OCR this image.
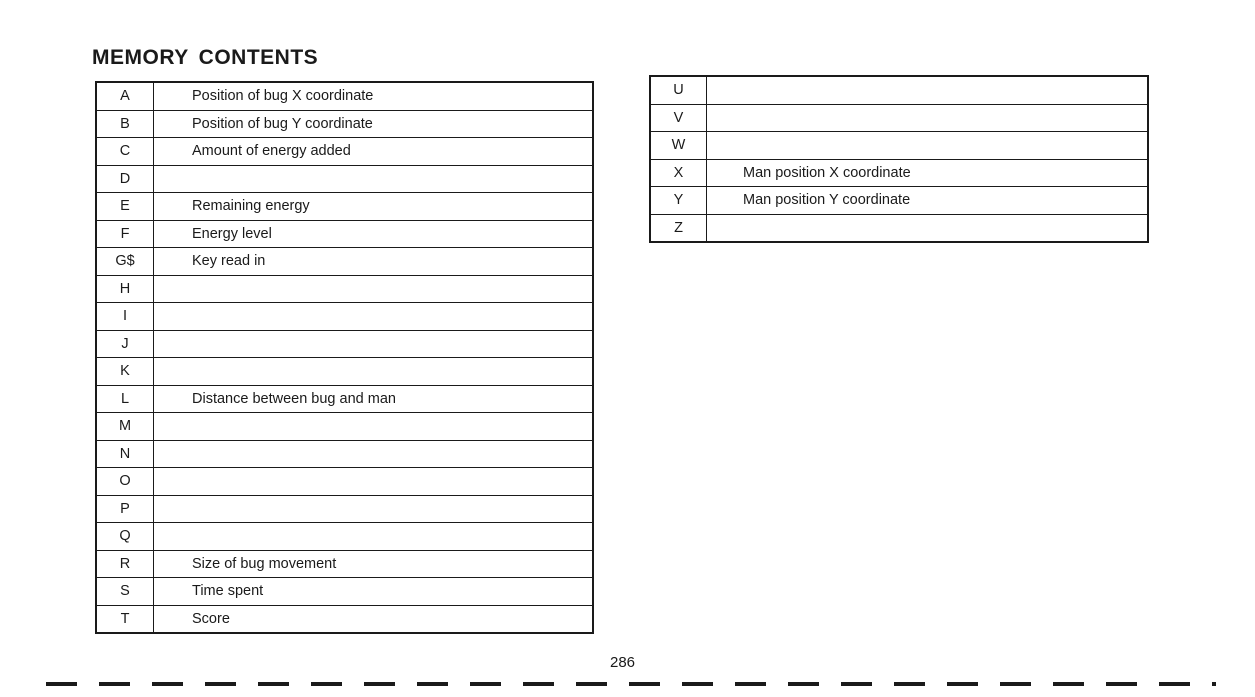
MEMORY CONTENTS
A	Position of bug X coordinate
B	Position of bug Y coordinate
C	Amount of energy added
D	
E	Remaining energy
F	Energy level
G$	Key read in
H	
I	
J	
K	
L	Distance between bug and man
M	
N	
O	
P	
Q	
R	Size of bug movement
S	Time spent
T	Score
U	
V	
W	
X	Man position X coordinate
Y	Man position Y coordinate
Z	
286
